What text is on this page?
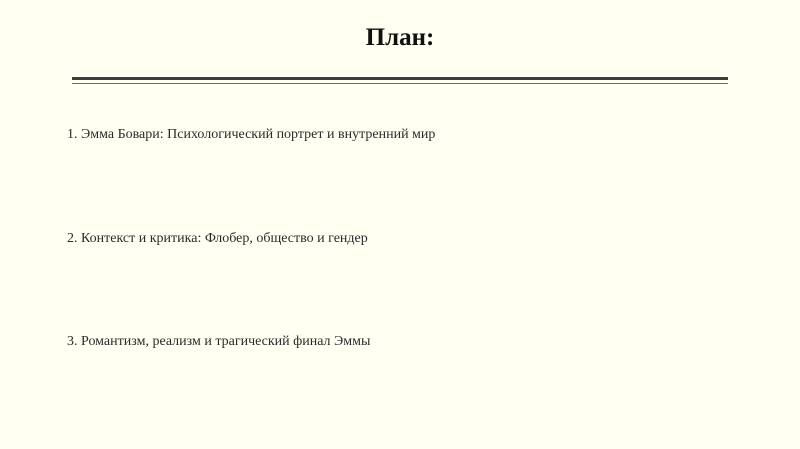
План:
1. Эмма Бовари: Психологический портрет и внутренний мир
2. Контекст и критика: Флобер, общество и гендер
3. Романтизм, реализм и трагический финал Эммы
